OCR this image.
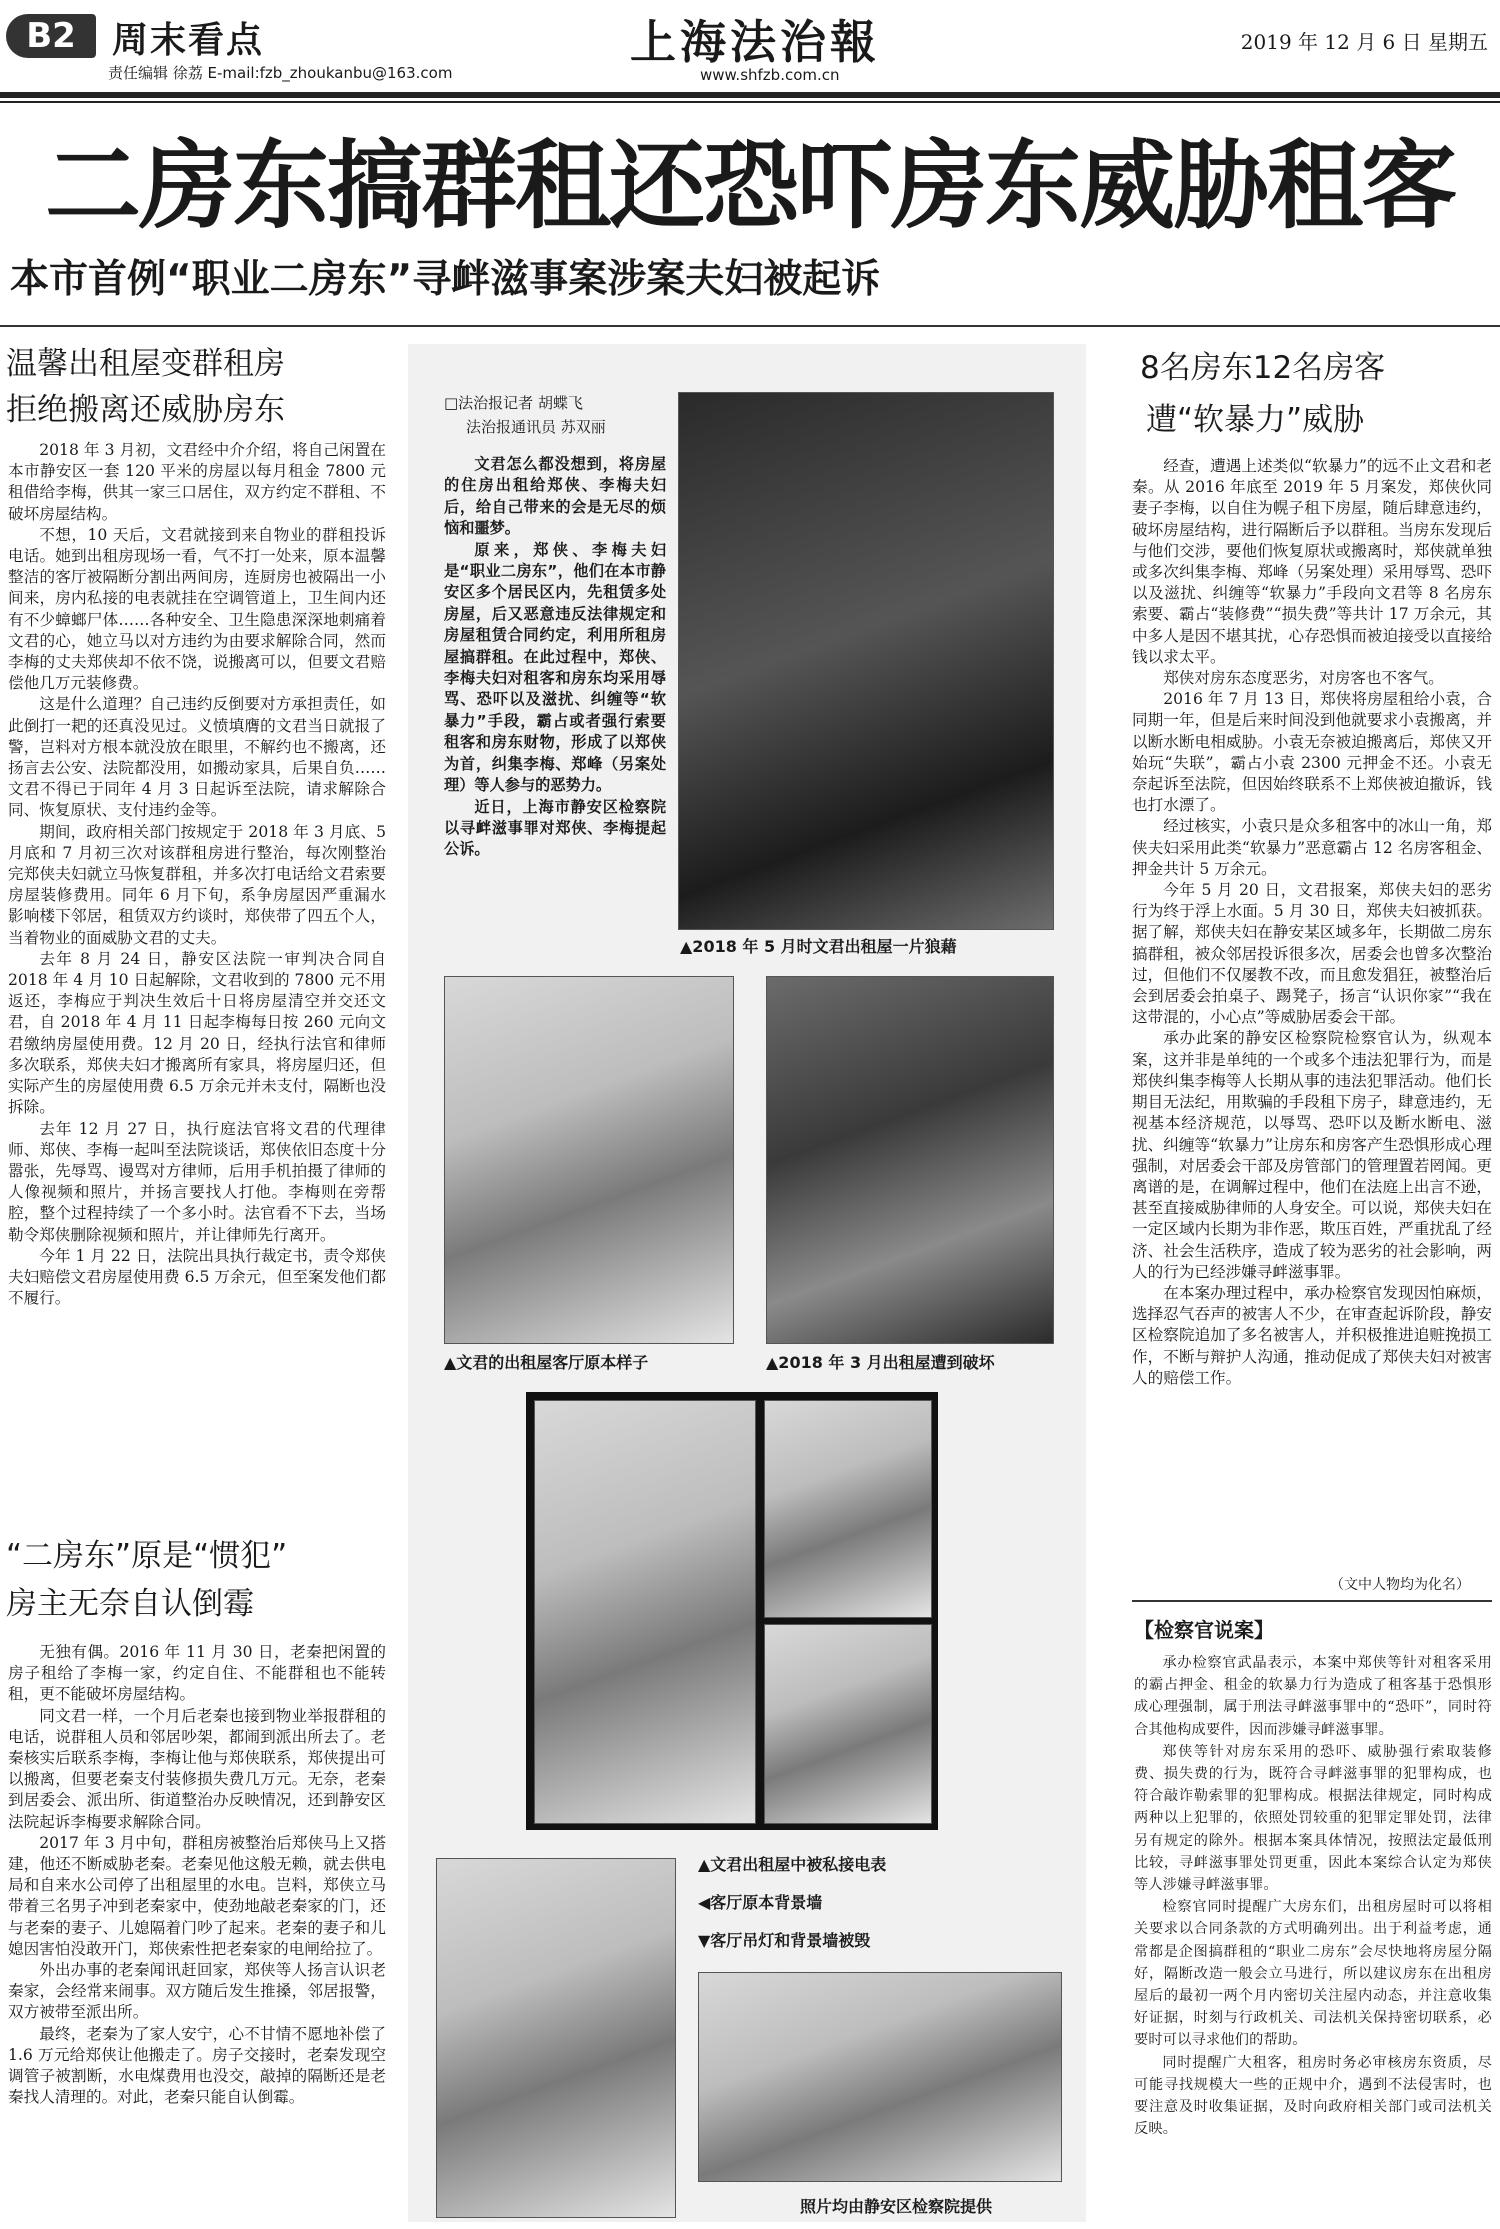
B2	周末看点
责任编辑 徐荔 E-mail:fzb_zhoukanbu@163.com
上海法治報
www.shfzb.com.cn
2019 年 12 月 6 日 星期五
二房东搞群租还恐吓房东威胁租客
本市首例“职业二房东”寻衅滋事案涉案夫妇被起诉
温馨出租屋变群租房
拒绝搬离还威胁房东

2018 年 3 月初，文君经中介介绍，将自己闲置在本市静安区一套 120 平米的房屋以每月租金 7800 元租借给李梅，供其一家三口居住，双方约定不群租、不破坏房屋结构。

不想，10 天后，文君就接到来自物业的群租投诉电话。她到出租房现场一看，气不打一处来，原本温馨整洁的客厅被隔断分割出两间房，连厨房也被隔出一小间来，房内私接的电表就挂在空调管道上，卫生间内还有不少蟑螂尸体……各种安全、卫生隐患深深地刺痛着文君的心，她立马以对方违约为由要求解除合同，然而李梅的丈夫郑侠却不依不饶，说搬离可以，但要文君赔偿他几万元装修费。

这是什么道理？自己违约反倒要对方承担责任，如此倒打一耙的还真没见过。义愤填膺的文君当日就报了警，岂料对方根本就没放在眼里，不解约也不搬离，还扬言去公安、法院都没用，如搬动家具，后果自负……文君不得已于同年 4 月 3 日起诉至法院，请求解除合同、恢复原状、支付违约金等。

期间，政府相关部门按规定于 2018 年 3 月底、5 月底和 7 月初三次对该群租房进行整治，每次刚整治完郑侠夫妇就立马恢复群租，并多次打电话给文君索要房屋装修费用。同年 6 月下旬，系争房屋因严重漏水影响楼下邻居，租赁双方约谈时，郑侠带了四五个人，当着物业的面威胁文君的丈夫。

去年 8 月 24 日，静安区法院一审判决合同自 2018 年 4 月 10 日起解除，文君收到的 7800 元不用返还，李梅应于判决生效后十日将房屋清空并交还文君，自 2018 年 4 月 11 日起李梅每日按 260 元向文君缴纳房屋使用费。12 月 20 日，经执行法官和律师多次联系，郑侠夫妇才搬离所有家具，将房屋归还，但实际产生的房屋使用费 6.5 万余元并未支付，隔断也没拆除。

去年 12 月 27 日，执行庭法官将文君的代理律师、郑侠、李梅一起叫至法院谈话，郑侠依旧态度十分嚣张，先辱骂、谩骂对方律师，后用手机拍摄了律师的人像视频和照片，并扬言要找人打他。李梅则在旁帮腔，整个过程持续了一个多小时。法官看不下去，当场勒令郑侠删除视频和照片，并让律师先行离开。

今年 1 月 22 日，法院出具执行裁定书，责令郑侠夫妇赔偿文君房屋使用费 6.5 万余元，但至案发他们都不履行。

“二房东”原是“惯犯”
房主无奈自认倒霉

无独有偶。2016 年 11 月 30 日，老秦把闲置的房子租给了李梅一家，约定自住、不能群租也不能转租，更不能破坏房屋结构。

同文君一样，一个月后老秦也接到物业举报群租的电话，说群租人员和邻居吵架，都闹到派出所去了。老秦核实后联系李梅，李梅让他与郑侠联系，郑侠提出可以搬离，但要老秦支付装修损失费几万元。无奈，老秦到居委会、派出所、街道整治办反映情况，还到静安区法院起诉李梅要求解除合同。

2017 年 3 月中旬，群租房被整治后郑侠马上又搭建，他还不断威胁老秦。老秦见他这般无赖，就去供电局和自来水公司停了出租屋里的水电。岂料，郑侠立马带着三名男子冲到老秦家中，使劲地敲老秦家的门，还与老秦的妻子、儿媳隔着门吵了起来。老秦的妻子和儿媳因害怕没敢开门，郑侠索性把老秦家的电闸给拉了。

外出办事的老秦闻讯赶回家，郑侠等人扬言认识老秦家，会经常来闹事。双方随后发生推搡，邻居报警，双方被带至派出所。

最终，老秦为了家人安宁，心不甘情不愿地补偿了 1.6 万元给郑侠让他搬走了。房子交接时，老秦发现空调管子被割断，水电煤费用也没交，敲掉的隔断还是老秦找人清理的。对此，老秦只能自认倒霉。

□法治报记者 胡蝶飞
法治报通讯员 苏双丽

文君怎么都没想到，将房屋的住房出租给郑侠、李梅夫妇后，给自己带来的会是无尽的烦恼和噩梦。

原来，郑侠、李梅夫妇是“职业二房东”，他们在本市静安区多个居民区内，先租赁多处房屋，后又恶意违反法律规定和房屋租赁合同约定，利用所租房屋搞群租。在此过程中，郑侠、李梅夫妇对租客和房东均采用辱骂、恐吓以及滋扰、纠缠等“软暴力”手段，霸占或者强行索要租客和房东财物，形成了以郑侠为首，纠集李梅、郑峰（另案处理）等人参与的恶势力。

近日，上海市静安区检察院以寻衅滋事罪对郑侠、李梅提起公诉。

▲2018 年 5 月时文君出租屋一片狼藉
▲文君的出租屋客厅原本样子	▲2018 年 3 月出租屋遭到破坏
▲文君出租屋中被私接电表
◀客厅原本背景墙
▼客厅吊灯和背景墙被毁
照片均由静安区检察院提供
8名房东12名房客
遭“软暴力”威胁

经查，遭遇上述类似“软暴力”的远不止文君和老秦。从 2016 年底至 2019 年 5 月案发，郑侠伙同妻子李梅，以自住为幌子租下房屋，随后肆意违约，破坏房屋结构，进行隔断后予以群租。当房东发现后与他们交涉，要他们恢复原状或搬离时，郑侠就单独或多次纠集李梅、郑峰（另案处理）采用辱骂、恐吓以及滋扰、纠缠等“软暴力”手段向文君等 8 名房东索要、霸占“装修费”“损失费”等共计 17 万余元，其中多人是因不堪其扰，心存恐惧而被迫接受以直接给钱以求太平。

郑侠对房东态度恶劣，对房客也不客气。

2016 年 7 月 13 日，郑侠将房屋租给小袁，合同期一年，但是后来时间没到他就要求小袁搬离，并以断水断电相威胁。小袁无奈被迫搬离后，郑侠又开始玩“失联”，霸占小袁 2300 元押金不还。小袁无奈起诉至法院，但因始终联系不上郑侠被迫撤诉，钱也打水漂了。

经过核实，小袁只是众多租客中的冰山一角，郑侠夫妇采用此类“软暴力”恶意霸占 12 名房客租金、押金共计 5 万余元。

今年 5 月 20 日，文君报案，郑侠夫妇的恶劣行为终于浮上水面。5 月 30 日，郑侠夫妇被抓获。据了解，郑侠夫妇在静安某区域多年，长期做二房东搞群租，被众邻居投诉很多次，居委会也曾多次整治过，但他们不仅屡教不改，而且愈发猖狂，被整治后会到居委会拍桌子、踢凳子，扬言“认识你家”“我在这带混的，小心点”等威胁居委会干部。

承办此案的静安区检察院检察官认为，纵观本案，这并非是单纯的一个或多个违法犯罪行为，而是郑侠纠集李梅等人长期从事的违法犯罪活动。他们长期目无法纪，用欺骗的手段租下房子，肆意违约，无视基本经济规范，以辱骂、恐吓以及断水断电、滋扰、纠缠等“软暴力”让房东和房客产生恐惧形成心理强制，对居委会干部及房管部门的管理置若罔闻。更离谱的是，在调解过程中，他们在法庭上出言不逊，甚至直接威胁律师的人身安全。可以说，郑侠夫妇在一定区域内长期为非作恶，欺压百姓，严重扰乱了经济、社会生活秩序，造成了较为恶劣的社会影响，两人的行为已经涉嫌寻衅滋事罪。

在本案办理过程中，承办检察官发现因怕麻烦，选择忍气吞声的被害人不少，在审查起诉阶段，静安区检察院追加了多名被害人，并积极推进追赃挽损工作，不断与辩护人沟通，推动促成了郑侠夫妇对被害人的赔偿工作。

（文中人物均为化名）
【检察官说案】

承办检察官武晶表示，本案中郑侠等针对租客采用的霸占押金、租金的软暴力行为造成了租客基于恐惧形成心理强制，属于刑法寻衅滋事罪中的“恐吓”，同时符合其他构成要件，因而涉嫌寻衅滋事罪。

郑侠等针对房东采用的恐吓、威胁强行索取装修费、损失费的行为，既符合寻衅滋事罪的犯罪构成，也符合敲诈勒索罪的犯罪构成。根据法律规定，同时构成两种以上犯罪的，依照处罚较重的犯罪定罪处罚，法律另有规定的除外。根据本案具体情况，按照法定最低刑比较，寻衅滋事罪处罚更重，因此本案综合认定为郑侠等人涉嫌寻衅滋事罪。

检察官同时提醒广大房东们，出租房屋时可以将相关要求以合同条款的方式明确列出。出于利益考虑，通常都是企图搞群租的“职业二房东”会尽快地将房屋分隔好，隔断改造一般会立马进行，所以建议房东在出租房屋后的最初一两个月内密切关注屋内动态，并注意收集好证据，时刻与行政机关、司法机关保持密切联系，必要时可以寻求他们的帮助。

同时提醒广大租客，租房时务必审核房东资质，尽可能寻找规模大一些的正规中介，遇到不法侵害时，也要注意及时收集证据，及时向政府相关部门或司法机关反映。
